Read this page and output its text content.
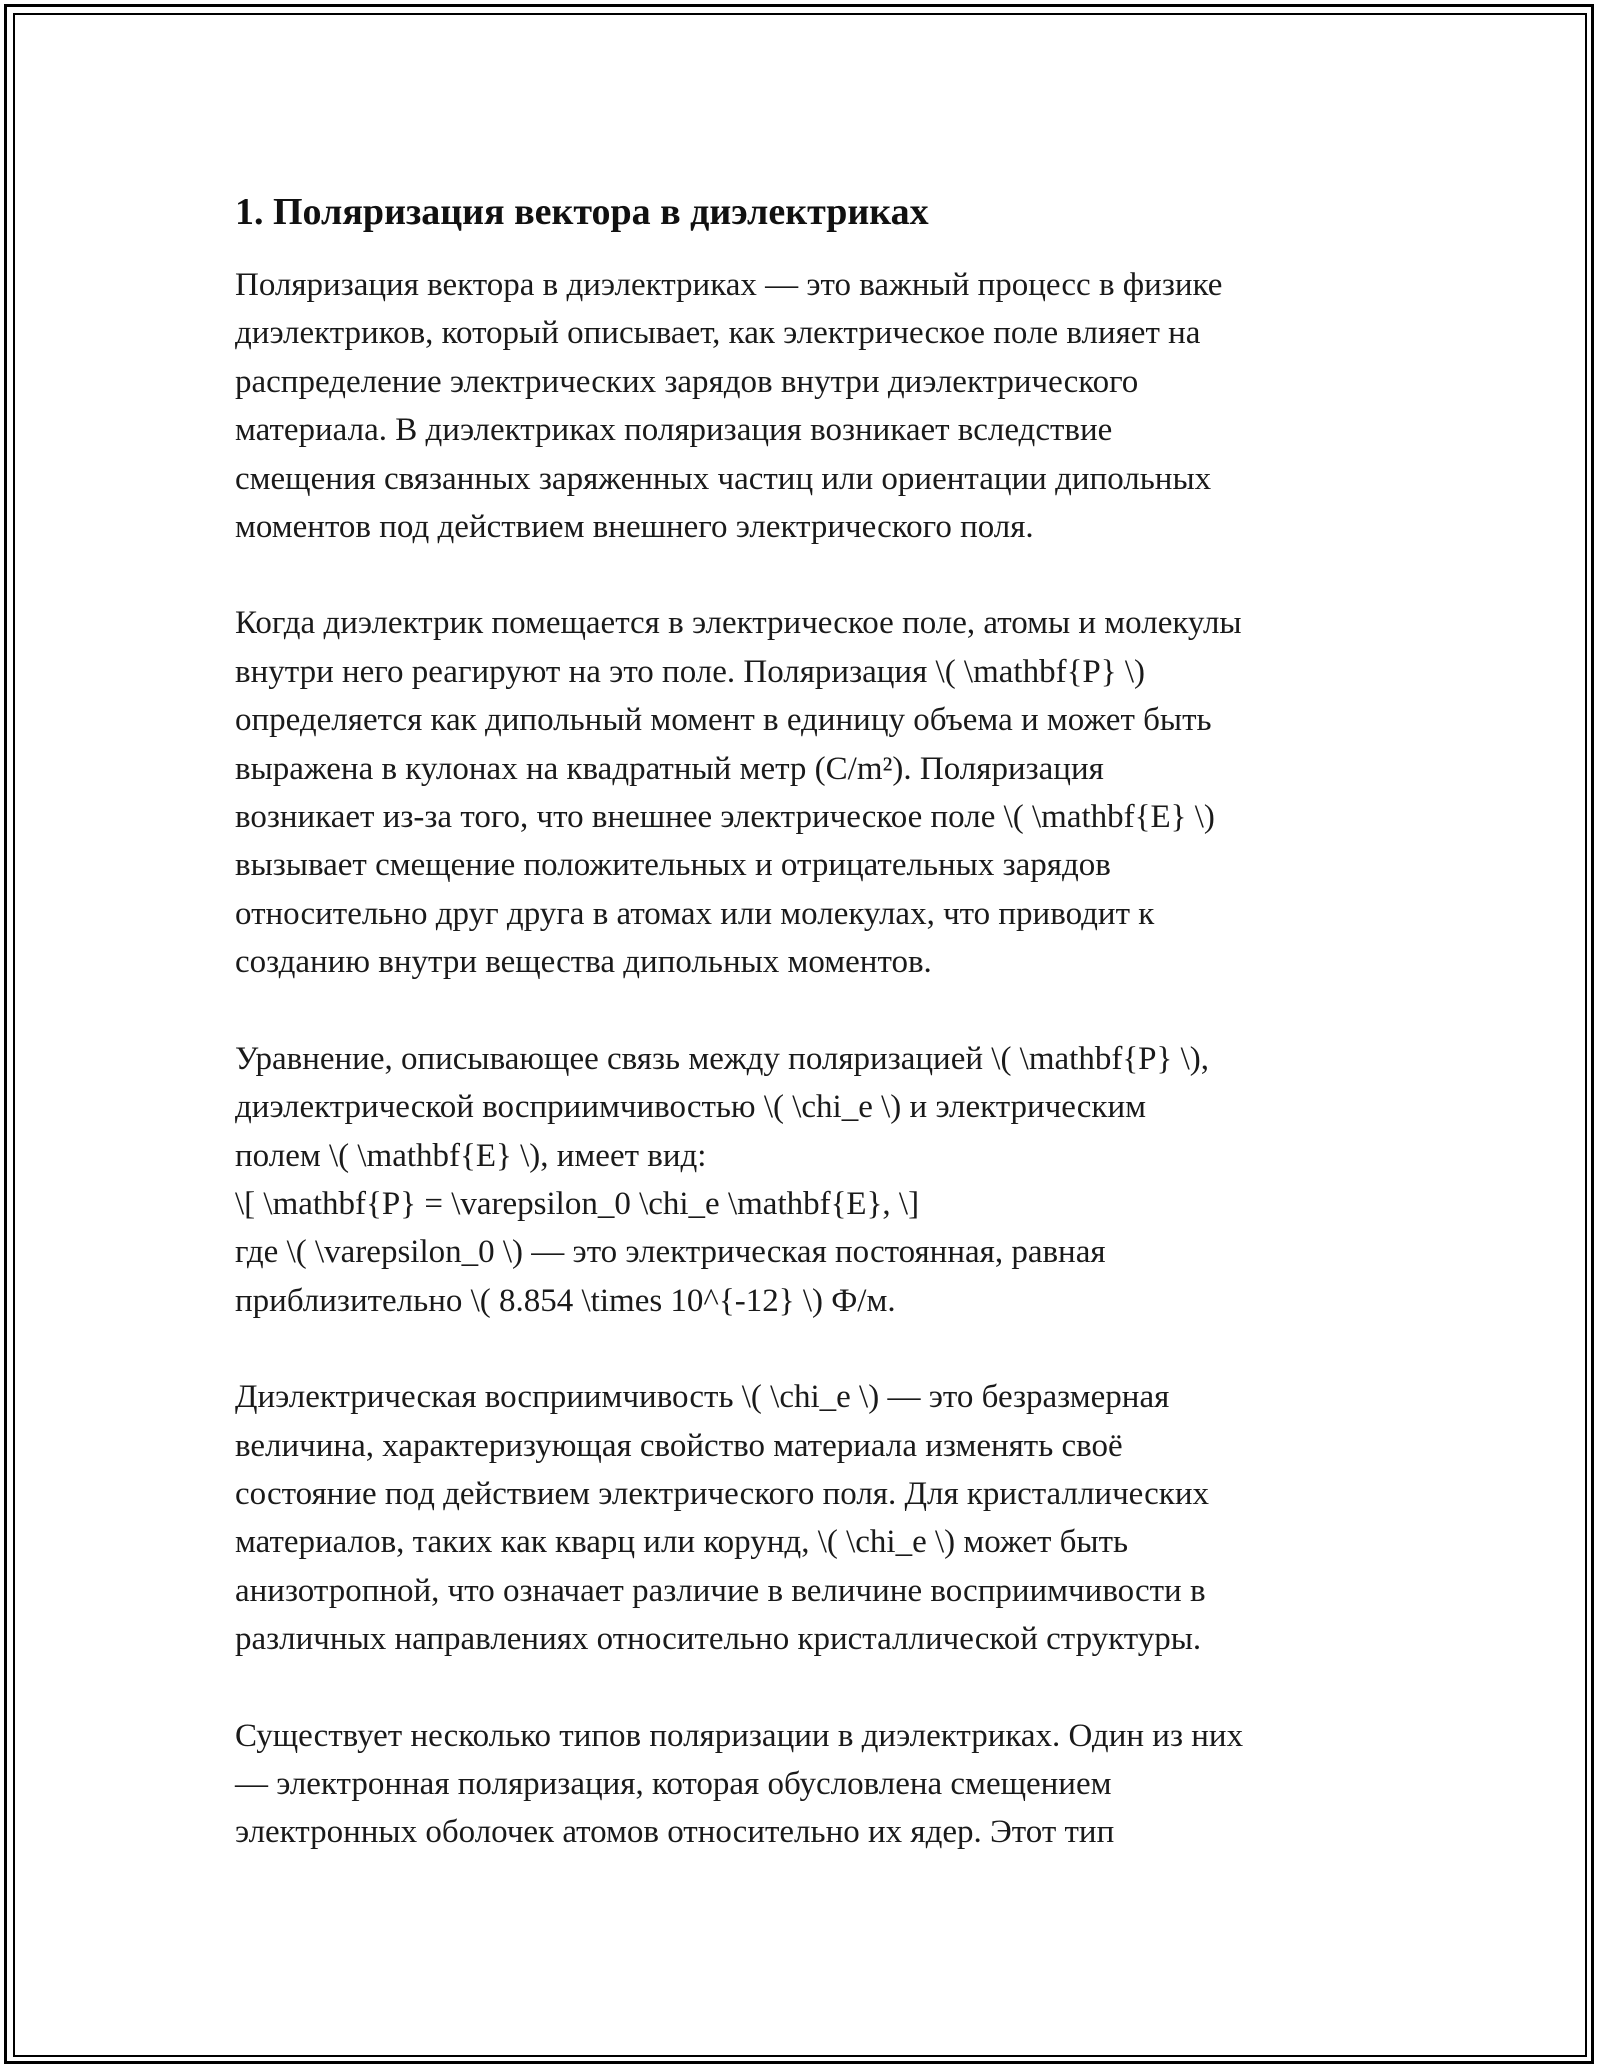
1. Поляризация вектора в диэлектриках

Поляризация вектора в диэлектриках — это важный процесс в физике
диэлектриков, который описывает, как электрическое поле влияет на
распределение электрических зарядов внутри диэлектрического
материала. В диэлектриках поляризация возникает вследствие
смещения связанных заряженных частиц или ориентации дипольных
моментов под действием внешнего электрического поля.

Когда диэлектрик помещается в электрическое поле, атомы и молекулы
внутри него реагируют на это поле. Поляризация \( \mathbf{P} \)
определяется как дипольный момент в единицу объема и может быть
выражена в кулонах на квадратный метр (C/m²). Поляризация
возникает из-за того, что внешнее электрическое поле \( \mathbf{E} \)
вызывает смещение положительных и отрицательных зарядов
относительно друг друга в атомах или молекулах, что приводит к
созданию внутри вещества дипольных моментов.

Уравнение, описывающее связь между поляризацией \( \mathbf{P} \),
диэлектрической восприимчивостью \( \chi_e \) и электрическим
полем \( \mathbf{E} \), имеет вид:
\[ \mathbf{P} = \varepsilon_0 \chi_e \mathbf{E}, \]
где \( \varepsilon_0 \) — это электрическая постоянная, равная
приблизительно \( 8.854 \times 10^{-12} \) Ф/м.

Диэлектрическая восприимчивость \( \chi_e \) — это безразмерная
величина, характеризующая свойство материала изменять своё
состояние под действием электрического поля. Для кристаллических
материалов, таких как кварц или корунд, \( \chi_e \) может быть
анизотропной, что означает различие в величине восприимчивости в
различных направлениях относительно кристаллической структуры.

Существует несколько типов поляризации в диэлектриках. Один из них
— электронная поляризация, которая обусловлена смещением
электронных оболочек атомов относительно их ядер. Этот тип
